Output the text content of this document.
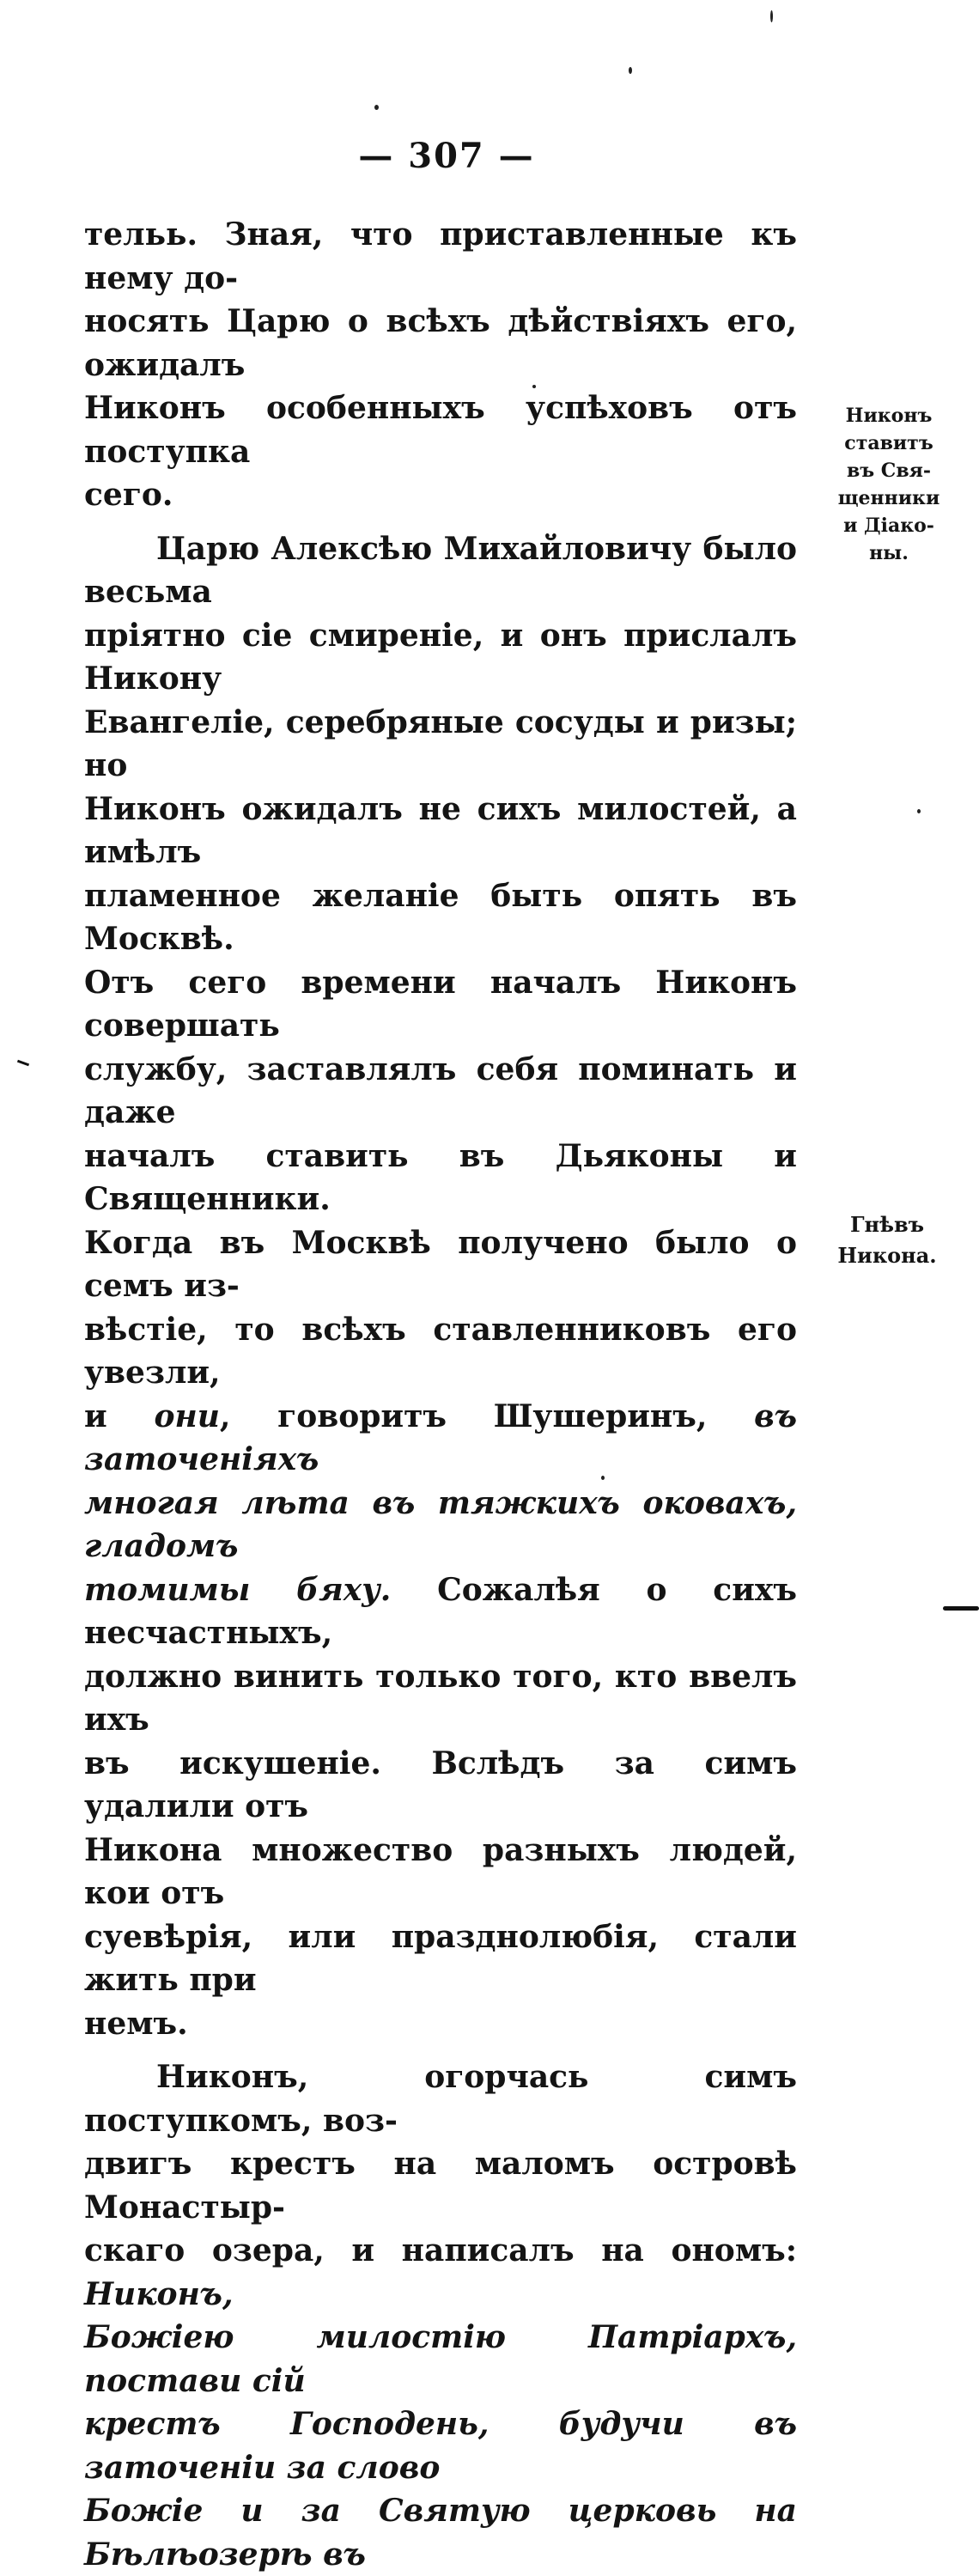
— 307 —

тельь. Зная, что приставленные къ нему до-

носять Царю о всѣхъ дѣйствіяхъ его, ожидалъ

Никонъ особенныхъ успѣховъ отъ поступка

сего.

Царю Алексѣю Михайловичу было весьма

пріятно сіе смиреніе, и онъ прислалъ Никону

Евангеліе, серебряные сосуды и ризы; но

Никонъ ожидалъ не сихъ милостей, а имѣлъ

пламенное желаніе быть опять въ Москвѣ.

Отъ сего времени началъ Никонъ совершать

службу, заставлялъ себя поминать и даже

началъ ставить въ Дьяконы и Священники.

Когда въ Москвѣ получено было о семъ из-

вѣстіе, то всѣхъ ставленниковъ его увезли,

и они, говоритъ Шушеринъ, въ заточеніяхъ

многая лѣта въ тяжкихъ оковахъ, гладомъ

томимы бяху. Сожалѣя о сихъ несчастныхъ,

должно винить только того, кто ввелъ ихъ

въ искушеніе. Вслѣдъ за симъ удалили отъ

Никона множество разныхъ людей, кои отъ

суевѣрія, или празднолюбія, стали жить при

немъ.

Никонъ, огорчась симъ поступкомъ, воз-

двигъ крестъ на маломъ островѣ Монастыр-

скаго озера, и написалъ на ономъ: Никонъ,

Божіею милостію Патріархъ, постави сій

крестъ Господень, будучи въ заточеніи за слово

Божіе и за Святую церковь на Бѣлѣозерѣ въ

Никонъ
ставитъ
въ Свя-
щенники
и Діако-
ны.
Гнѣвъ
Никона.
